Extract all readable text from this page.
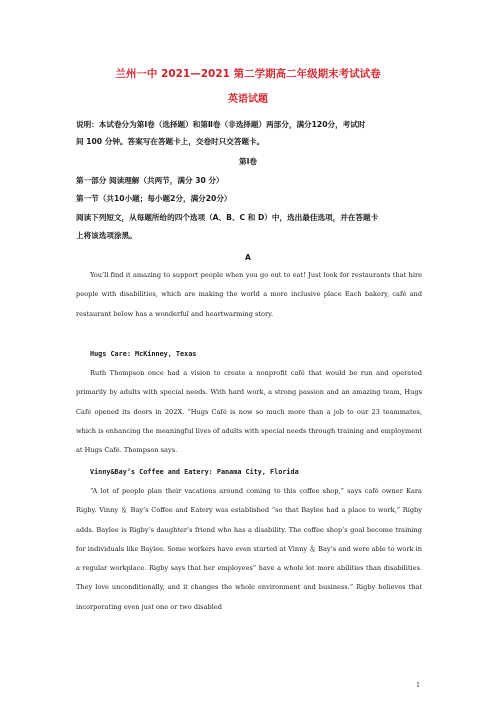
兰州一中 2021—2021 第二学期高二年级期末考试试卷
英语试题
说明：本试卷分为第Ⅰ卷（选择题）和第Ⅱ卷（非选择题）两部分，满分120分，考试时
间 100 分钟。答案写在答题卡上，交卷时只交答题卡。
第Ⅰ卷
第一部分 阅读理解（共两节，满分 30 分）
第一节（共10小题；每小题2分，满分20分）
阅读下列短文，从每题所给的四个选项（A、B、C 和 D）中，选出最佳选项，并在答题卡
上将该选项涂黑。
A
You’ll find it amazing to support people when you go out to eat! Just look for restaurants that hire people with disabilities, which are making the world a more inclusive place Each bakery, café and restaurant below has a wonderful and heartwarming story.
Hugs Care: McKinney, Texas
Ruth Thompson once had a vision to create a nonprofit café that would be run and operated primarily by adults with special needs. With hard work, a strong passion and an amazing team, Hugs Café opened its doors in 202X. “Hugs Café is now so much more than a job to our 23 teammates, which is enhancing the meaningful lives of adults with special needs through training and employment at Hugs Café. Thompson says.
Vinny&Bay’s Coffee and Eatery: Panama City, Florida
“A lot of people plan their vacations around coming to this coffee shop,” says café owner Kara Rigby. Vinny ＆ Bay’s Coffee and Eatery was established “so that Baylee had a place to work,” Rigby adds. Baylee is Rigby’s daughter’s friend who has a disability. The coffee shop’s goal become training for individuals like Baylee. Some workers have even started at Vinny ＆ Bay’s and were able to work in a regular workplace. Rigby says that her employees” have a whole lot more abilities than disabilities. They love unconditionally, and it changes the whole environment and business.” Rigby believes that incorporating even just one or two disabled
1
